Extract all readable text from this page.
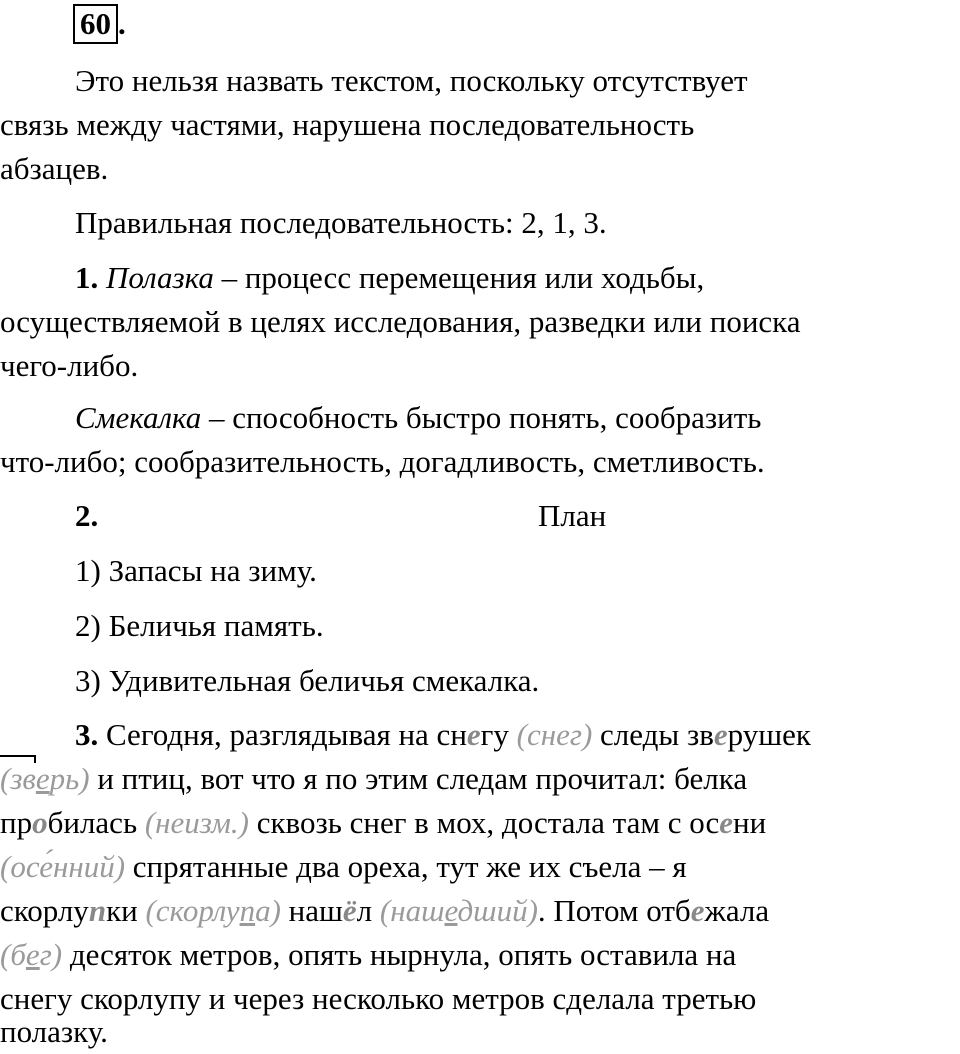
60 .
Это нельзя назвать текстом, поскольку отсутствует
связь между частями, нарушена последовательность
абзацев.
Правильная последовательность: 2, 1, 3.
1. Полазка – процесс перемещения или ходьбы,
осуществляемой в целях исследования, разведки или поиска
чего-либо.
Смекалка – способность быстро понять, сообразить
что-либо; сообразительность, догадливость, сметливость.
2.	План
1) Запасы на зиму.
2) Беличья память.
3) Удивительная беличья смекалка.
3. Сегодня, разглядывая на снегу (снег) следы зверушек
(зверь) и птиц, вот что я по этим следам прочитал: белка
пробилась (неизм.) сквозь снег в мох, достала там с осени
(осе́нний) спрятанные два ореха, тут же их съела – я
скорлупки (скорлупа) нашёл (нашедший). Потом отбежала
(бег) десяток метров, опять нырнула, опять оставила на
снегу скорлупу и через несколько метров сделала третью
полазку.
